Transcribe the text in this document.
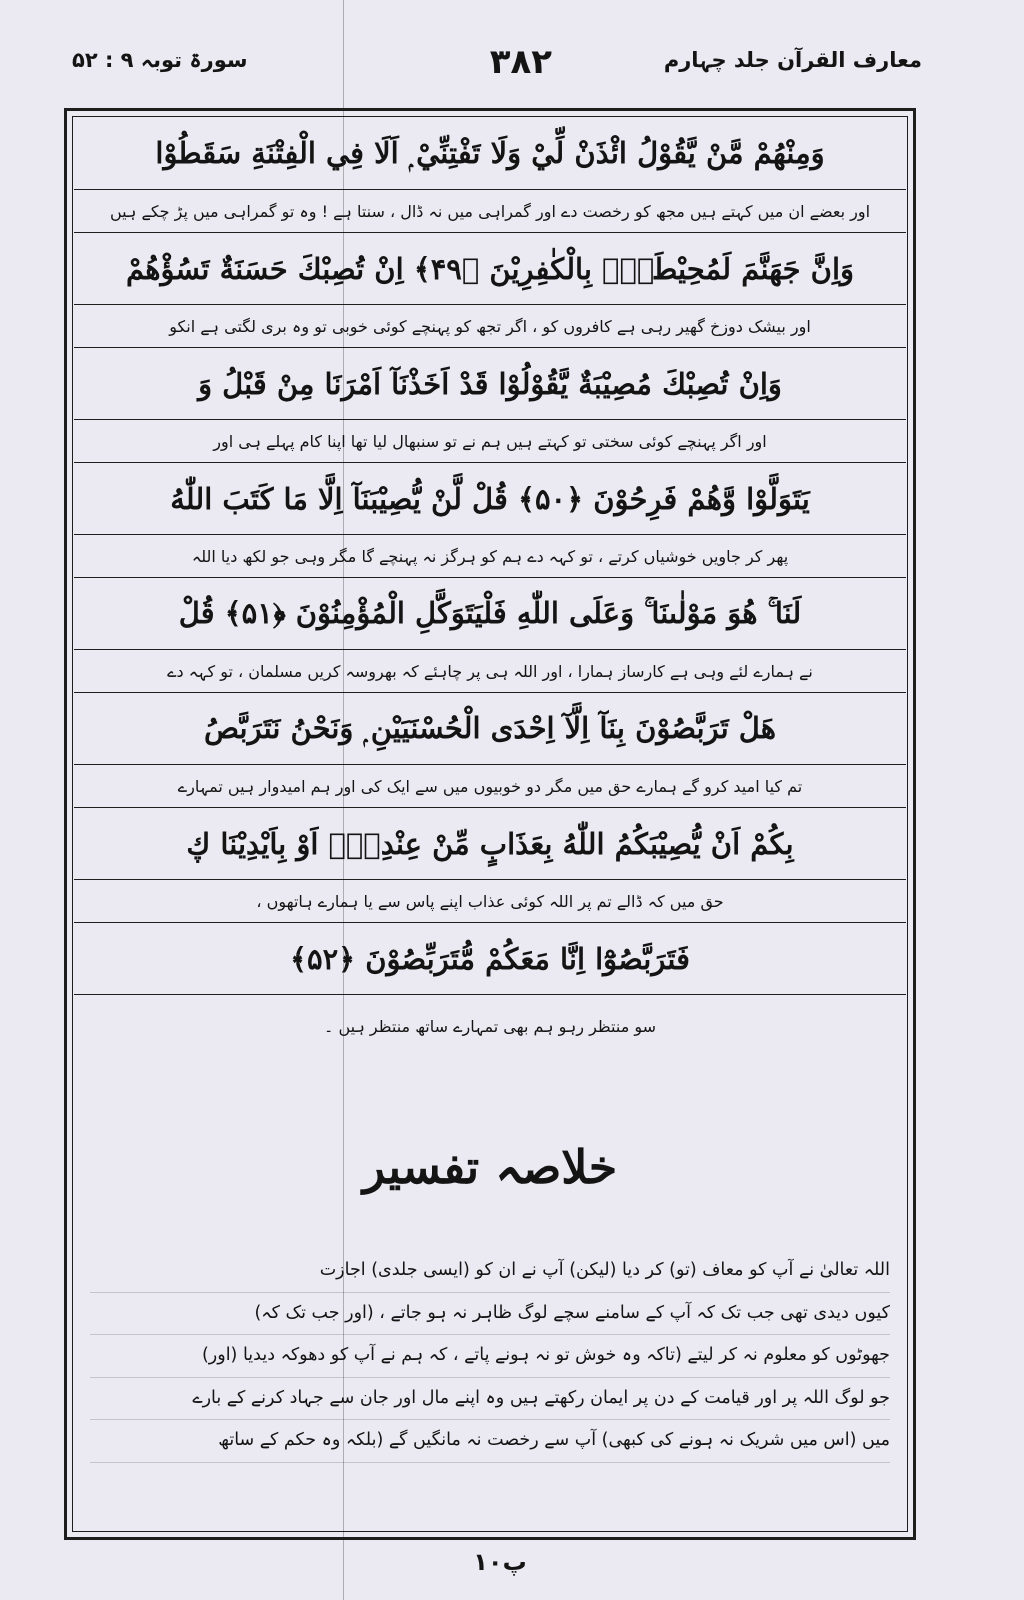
معارف القرآن جلد چہارم
۳۸۲
سورۃ توبہ ۹ : ۵۲
وَمِنْهُمْ مَّنْ يَّقُوْلُ ائْذَنْ لِّيْ وَلَا تَفْتِنِّيْ ۭ اَلَا فِي الْفِتْنَةِ سَقَطُوْا
اور بعضے ان میں کہتے ہیں مجھ کو رخصت دے اور گمراہی میں نہ ڈال ، سنتا ہے ! وہ تو گمراہی میں پڑ چکے ہیں
وَاِنَّ جَهَنَّمَ لَمُحِيْطَةٌۢ بِالْكٰفِرِيْنَ ﴿۴۹﴾ اِنْ تُصِبْكَ حَسَنَةٌ تَسُؤْهُمْ
اور بیشک دوزخ گھیر رہی ہے کافروں کو ، اگر تجھ کو پہنچے کوئی خوبی تو وہ بری لگتی ہے انکو
وَاِنْ تُصِبْكَ مُصِيْبَةٌ يَّقُوْلُوْا قَدْ اَخَذْنَآ اَمْرَنَا مِنْ قَبْلُ وَ
اور اگر پہنچے کوئی سختی تو کہتے ہیں ہم نے تو سنبھال لیا تھا اپنا کام پہلے ہی اور
يَتَوَلَّوْا وَّهُمْ فَرِحُوْنَ ﴿۵۰﴾ قُلْ لَّنْ يُّصِيْبَنَآ اِلَّا مَا كَتَبَ اللّٰهُ
پھر کر جاویں خوشیاں کرتے ، تو کہہ دے ہم کو ہرگز نہ پہنچے گا مگر وہی جو لکھ دیا اللہ
لَنَا ۚ هُوَ مَوْلٰىنَا ۚ وَعَلَى اللّٰهِ فَلْيَتَوَكَّلِ الْمُؤْمِنُوْنَ ﴿۵۱﴾ قُلْ
نے ہمارے لئے وہی ہے کارساز ہمارا ، اور اللہ ہی پر چاہئے کہ بھروسہ کریں مسلمان ، تو کہہ دے
هَلْ تَرَبَّصُوْنَ بِنَآ اِلَّآ اِحْدَى الْحُسْنَيَيْنِ ۭ وَنَحْنُ نَتَرَبَّصُ
تم کیا امید کرو گے ہمارے حق میں مگر دو خوبیوں میں سے ایک کی اور ہم امیدوار ہیں تمہارے
بِكُمْ اَنْ يُّصِيْبَكُمُ اللّٰهُ بِعَذَابٍ مِّنْ عِنْدِهٖٓ اَوْ بِاَيْدِيْنَا ڮ
حق میں کہ ڈالے تم پر اللہ کوئی عذاب اپنے پاس سے یا ہمارے ہاتھوں ،
فَتَرَبَّصُوْٓا اِنَّا مَعَكُمْ مُّتَرَبِّصُوْنَ ﴿۵۲﴾
سو منتظر رہو ہم بھی تمہارے ساتھ منتظر ہیں ۔
خلاصہ تفسیر
اللہ تعالیٰ نے آپ کو معاف (تو) کر دیا (لیکن) آپ نے ان کو (ایسی جلدی) اجازت
کیوں دیدی تھی جب تک کہ آپ کے سامنے سچے لوگ ظاہر نہ ہو جاتے ، (اور جب تک کہ)
جھوٹوں کو معلوم نہ کر لیتے (تاکہ وہ خوش تو نہ ہونے پاتے ، کہ ہم نے آپ کو دھوکہ دیدیا (اور)
جو لوگ اللہ پر اور قیامت کے دن پر ایمان رکھتے ہیں وہ اپنے مال اور جان سے جہاد کرنے کے بارے
میں (اس میں شریک نہ ہونے کی کبھی) آپ سے رخصت نہ مانگیں گے (بلکہ وہ حکم کے ساتھ
پ۱۰
